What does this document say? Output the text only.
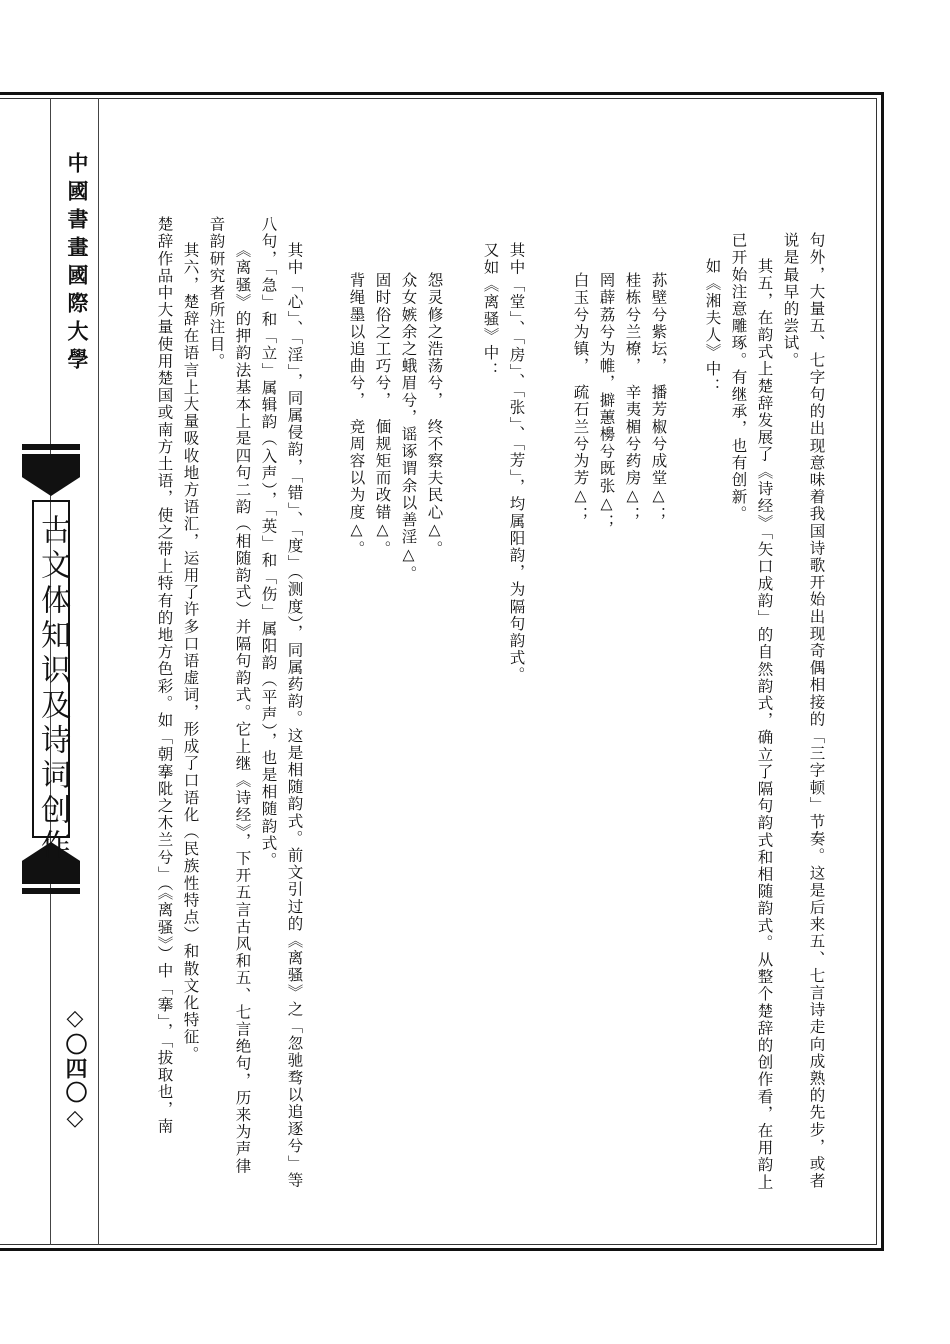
中國書畫國際大學
古文体知识及诗词创作
◇〇四〇◇	句外，大量五、七字句的出现意味着我国诗歌开始出现奇偶相接的「三字顿」节奏。这是后来五、七言诗走向成熟的先步，或者
说是最早的尝试。
其五，在韵式上楚辞发展了《诗经》「矢口成韵」的自然韵式，确立了隔句韵式和相随韵式。从整个楚辞的创作看，在用韵上
已开始注意雕琢。有继承，也有创新。
如《湘夫人》中：
荪壁兮紫坛，　播芳椒兮成堂△；
桂栋兮兰橑，　辛夷楣兮药房△；
罔薜荔兮为帷，擗蕙櫋兮既张△；
白玉兮为镇，　疏石兰兮为芳△；
其中「堂」、「房」、「张」、「芳」，均属阳韵，为隔句韵式。
又如《离骚》中：
怨灵修之浩荡兮，　终不察夫民心△。
众女嫉余之蛾眉兮，谣诼谓余以善淫△。
固时俗之工巧兮，　偭规矩而改错△。
背绳墨以追曲兮，　竞周容以为度△。
其中「心」、「淫」，同属侵韵，「错」、「度」（测度），同属药韵。这是相随韵式。前文引过的《离骚》之「忽驰骛以追逐兮」等
八句，「急」和「立」属辑韵（入声），「英」和「伤」属阳韵（平声），也是相随韵式。
《离骚》的押韵法基本上是四句二韵（相随韵式）并隔句韵式。它上继《诗经》，下开五言古风和五、七言绝句，历来为声律
音韵研究者所注目。
其六，楚辞在语言上大量吸收地方语汇，运用了许多口语虚词，形成了口语化（民族性特点）和散文化特征。
楚辞作品中大量使用楚国或南方土语，使之带上特有的地方色彩。如「朝搴阰之木兰兮」（《离骚》）中「搴」，「拔取也，南
